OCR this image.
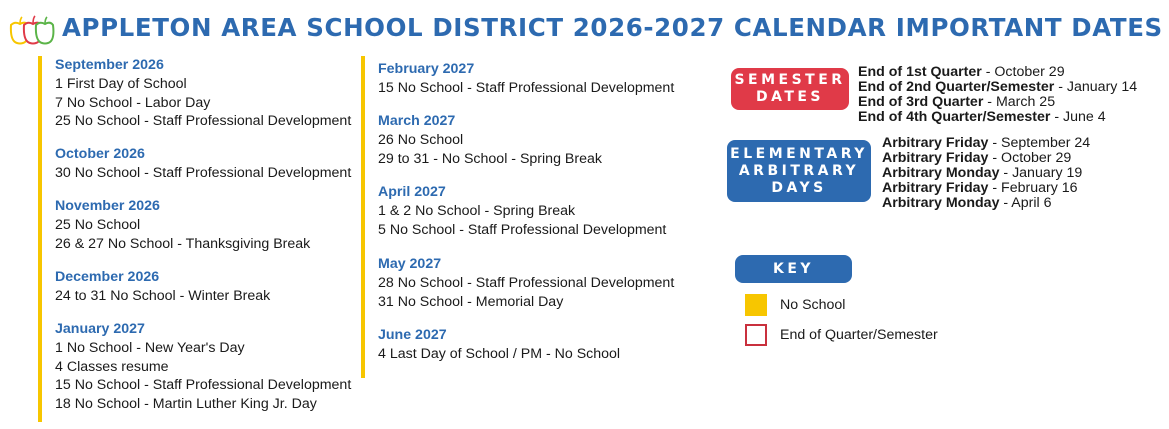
APPLETON AREA SCHOOL DISTRICT 2026-2027 CALENDAR IMPORTANT DATES
September 2026
1 First Day of School
7 No School - Labor Day
25 No School - Staff Professional Development
October 2026
30 No School - Staff Professional Development
November 2026
25 No School
26 & 27 No School - Thanksgiving Break
December 2026
24 to 31 No School - Winter Break
January 2027
1 No School - New Year's Day
4 Classes resume
15 No School - Staff Professional Development
18 No School - Martin Luther King Jr. Day
February 2027
15 No School - Staff Professional Development
March 2027
26 No School
29 to 31 - No School - Spring Break
April 2027
1 & 2 No School - Spring Break
5 No School - Staff Professional Development
May 2027
28 No School - Staff Professional Development
31 No School - Memorial Day
June 2027
4 Last Day of School / PM - No School
SEMESTER
DATES
End of 1st Quarter - October 29
End of 2nd Quarter/Semester - January 14
End of 3rd Quarter - March 25
End of 4th Quarter/Semester - June 4
ELEMENTARY
ARBITRARY
DAYS
Arbitrary Friday - September 24
Arbitrary Friday - October 29
Arbitrary Monday - January 19
Arbitrary Friday - February 16
Arbitrary Monday - April 6
KEY
No School
End of Quarter/Semester
